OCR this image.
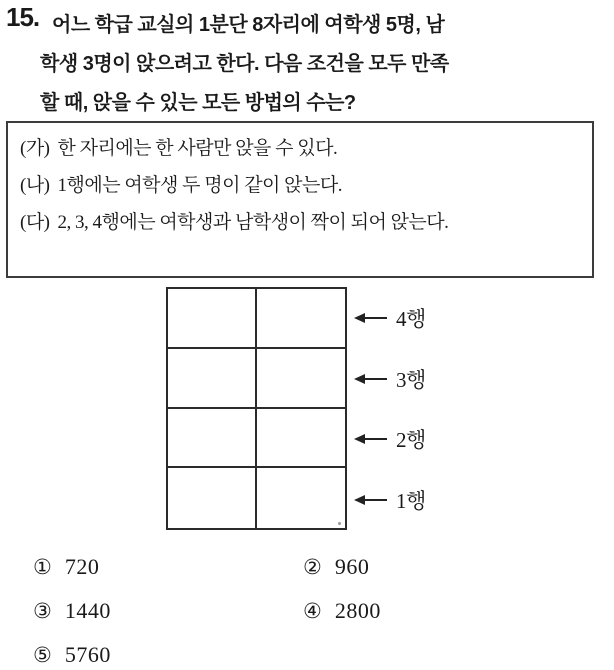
15. 어느 학급 교실의 1분단 8자리에 여학생 5명, 남
학생 3명이 앉으려고 한다. 다음 조건을 모두 만족
할 때, 앉을 수 있는 모든 방법의 수는?
(가) 한 자리에는 한 사람만 앉을 수 있다.
(나) 1행에는 여학생 두 명이 같이 앉는다.
(다) 2, 3, 4행에는 여학생과 남학생이 짝이 되어 앉는다.
4행
3행
2행
1행
① 720	② 960
③ 1440	④ 2800
⑤ 5760
